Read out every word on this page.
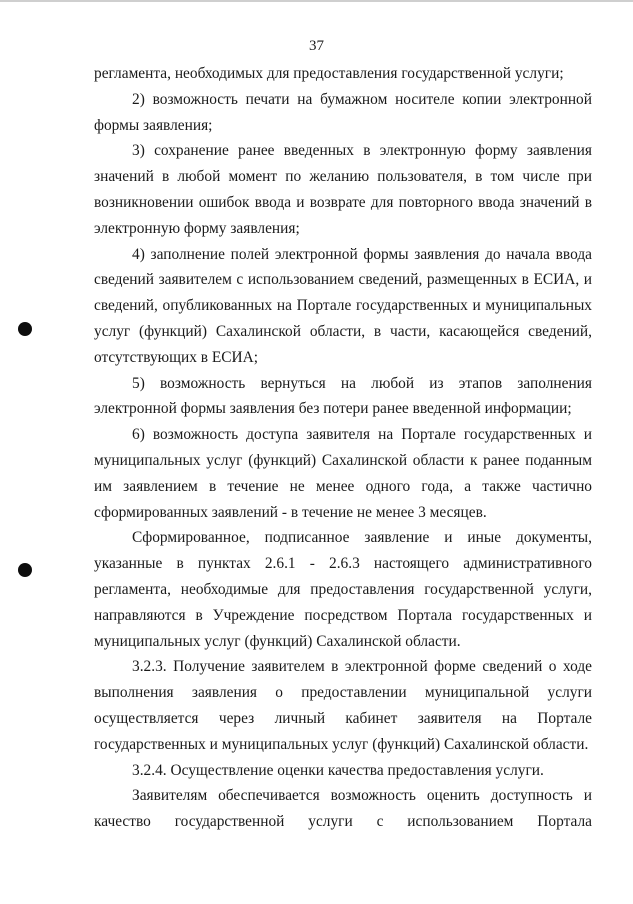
37

регламента, необходимых для предоставления государственной услуги;

2) возможность печати на бумажном носителе копии электронной формы заявления;

3) сохранение ранее введенных в электронную форму заявления значений в любой момент по желанию пользователя, в том числе при возникновении ошибок ввода и возврате для повторного ввода значений в электронную форму заявления;

4) заполнение полей электронной формы заявления до начала ввода сведений заявителем с использованием сведений, размещенных в ЕСИА, и сведений, опубликованных на Портале государственных и муниципальных услуг (функций) Сахалинской области, в части, касающейся сведений, отсутствующих в ЕСИА;

5) возможность вернуться на любой из этапов заполнения электронной формы заявления без потери ранее введенной информации;

6) возможность доступа заявителя на Портале государственных и муниципальных услуг (функций) Сахалинской области к ранее поданным им заявлением в течение не менее одного года, а также частично сформированных заявлений - в течение не менее 3 месяцев.

Сформированное, подписанное заявление и иные документы, указанные в пунктах 2.6.1 - 2.6.3 настоящего административного регламента, необходимые для предоставления государственной услуги, направляются в Учреждение посредством Портала государственных и муниципальных услуг (функций) Сахалинской области.

3.2.3. Получение заявителем в электронной форме сведений о ходе выполнения заявления о предоставлении муниципальной услуги осуществляется через личный кабинет заявителя на Портале государственных и муниципальных услуг (функций) Сахалинской области.

3.2.4. Осуществление оценки качества предоставления услуги.

Заявителям обеспечивается возможность оценить доступность и качество государственной услуги с использованием Портала
